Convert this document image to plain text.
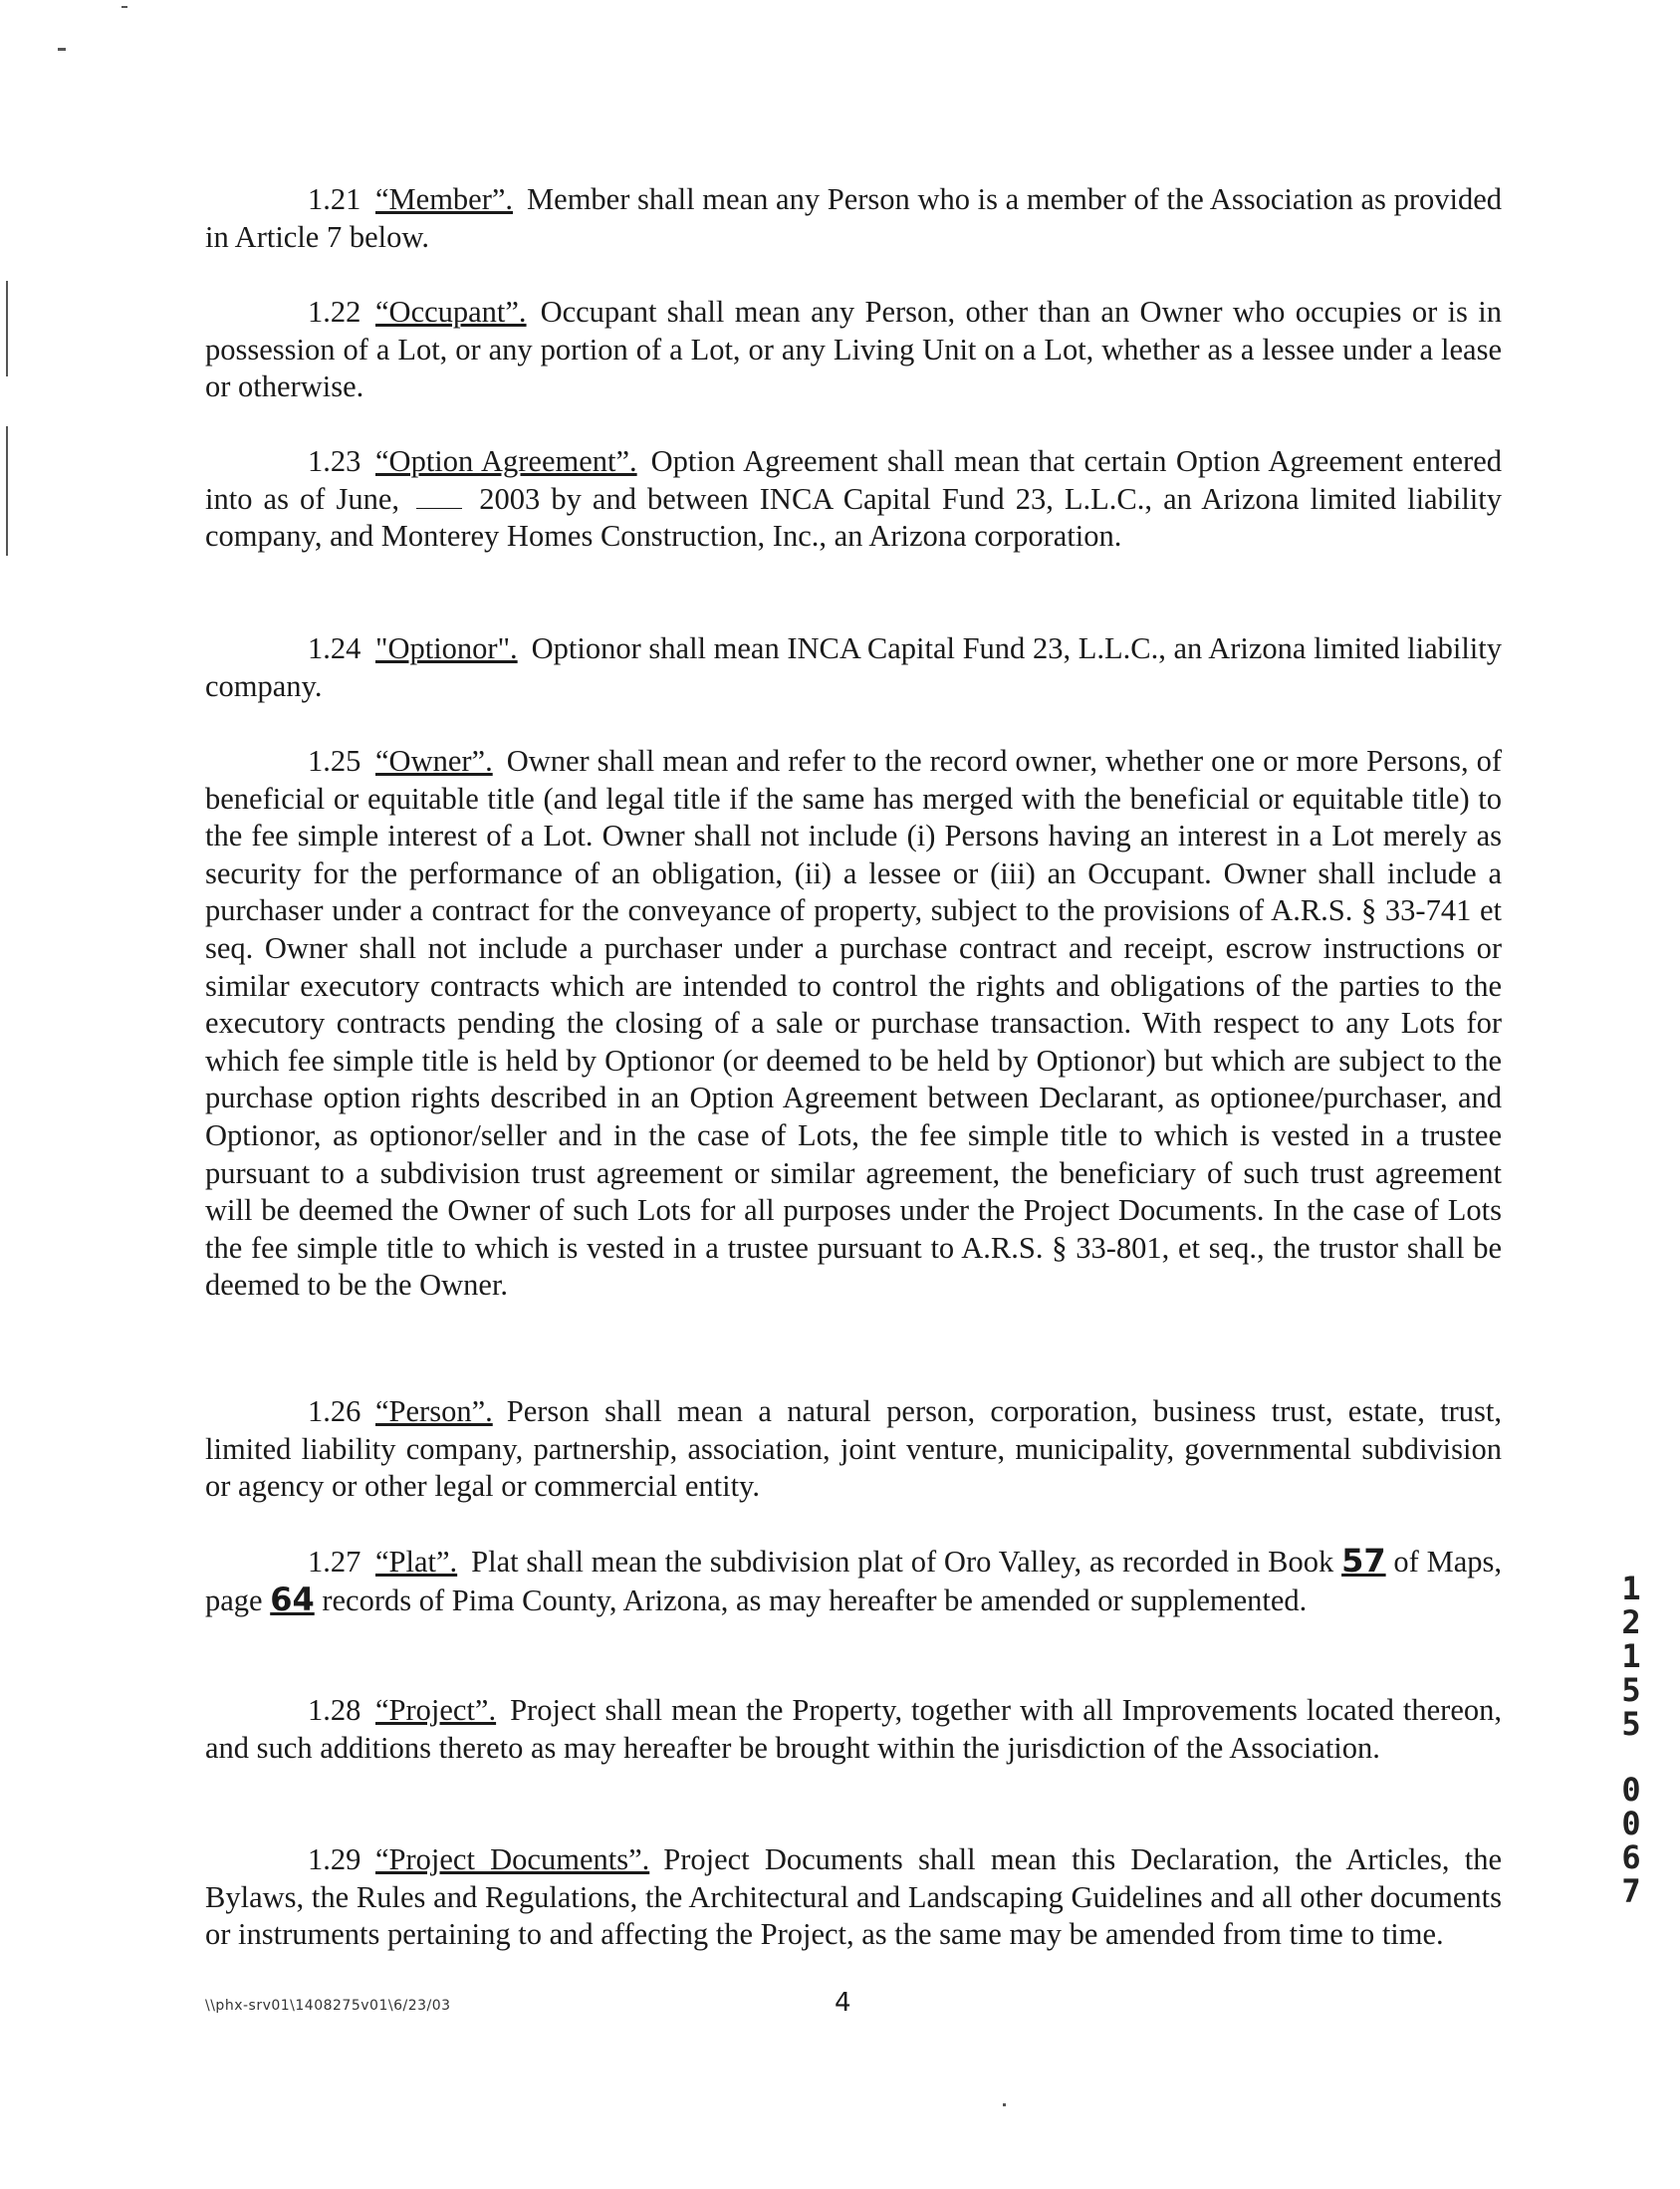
1.21 “Member”. Member shall mean any Person who is a member of the Association as provided in Article 7 below.

1.22 “Occupant”. Occupant shall mean any Person, other than an Owner who occupies or is in possession of a Lot, or any portion of a Lot, or any Living Unit on a Lot, whether as a lessee under a lease or otherwise.

1.23 “Option Agreement”. Option Agreement shall mean that certain Option Agreement entered into as of June,	2003 by and between INCA Capital Fund 23, L.L.C., an Arizona limited liability company, and Monterey Homes Construction, Inc., an Arizona corporation.

1.24 "Optionor". Optionor shall mean INCA Capital Fund 23, L.L.C., an Arizona limited liability company.

1.25 “Owner”. Owner shall mean and refer to the record owner, whether one or more Persons, of beneficial or equitable title (and legal title if the same has merged with the beneficial or equitable title) to the fee simple interest of a Lot. Owner shall not include (i) Persons having an interest in a Lot merely as security for the performance of an obligation, (ii) a lessee or (iii) an Occupant. Owner shall include a purchaser under a contract for the conveyance of property, subject to the provisions of A.R.S. § 33-741 et seq. Owner shall not include a purchaser under a purchase contract and receipt, escrow instructions or similar executory contracts which are intended to control the rights and obligations of the parties to the executory contracts pending the closing of a sale or purchase transaction. With respect to any Lots for which fee simple title is held by Optionor (or deemed to be held by Optionor) but which are subject to the purchase option rights described in an Option Agreement between Declarant, as optionee/purchaser, and Optionor, as optionor/seller and in the case of Lots, the fee simple title to which is vested in a trustee pursuant to a subdivision trust agreement or similar agreement, the beneficiary of such trust agreement will be deemed the Owner of such Lots for all purposes under the Project Documents. In the case of Lots the fee simple title to which is vested in a trustee pursuant to A.R.S. § 33-801, et seq., the trustor shall be deemed to be the Owner.

1.26 “Person”. Person shall mean a natural person, corporation, business trust, estate, trust, limited liability company, partnership, association, joint venture, municipality, governmental subdivision or agency or other legal or commercial entity.

1.27 “Plat”. Plat shall mean the subdivision plat of Oro Valley, as recorded in Book 57 of Maps, page 64 records of Pima County, Arizona, as may hereafter be amended or supplemented.

1.28 “Project”. Project shall mean the Property, together with all Improvements located thereon, and such additions thereto as may hereafter be brought within the jurisdiction of the Association.

1.29 “Project Documents”. Project Documents shall mean this Declaration, the Articles, the Bylaws, the Rules and Regulations, the Architectural and Landscaping Guidelines and all other documents or instruments pertaining to and affecting the Project, as the same may be amended from time to time.

1
2
1
5
5
0
0
6
7
\\phx-srv01\1408275v01\6/23/03	4
